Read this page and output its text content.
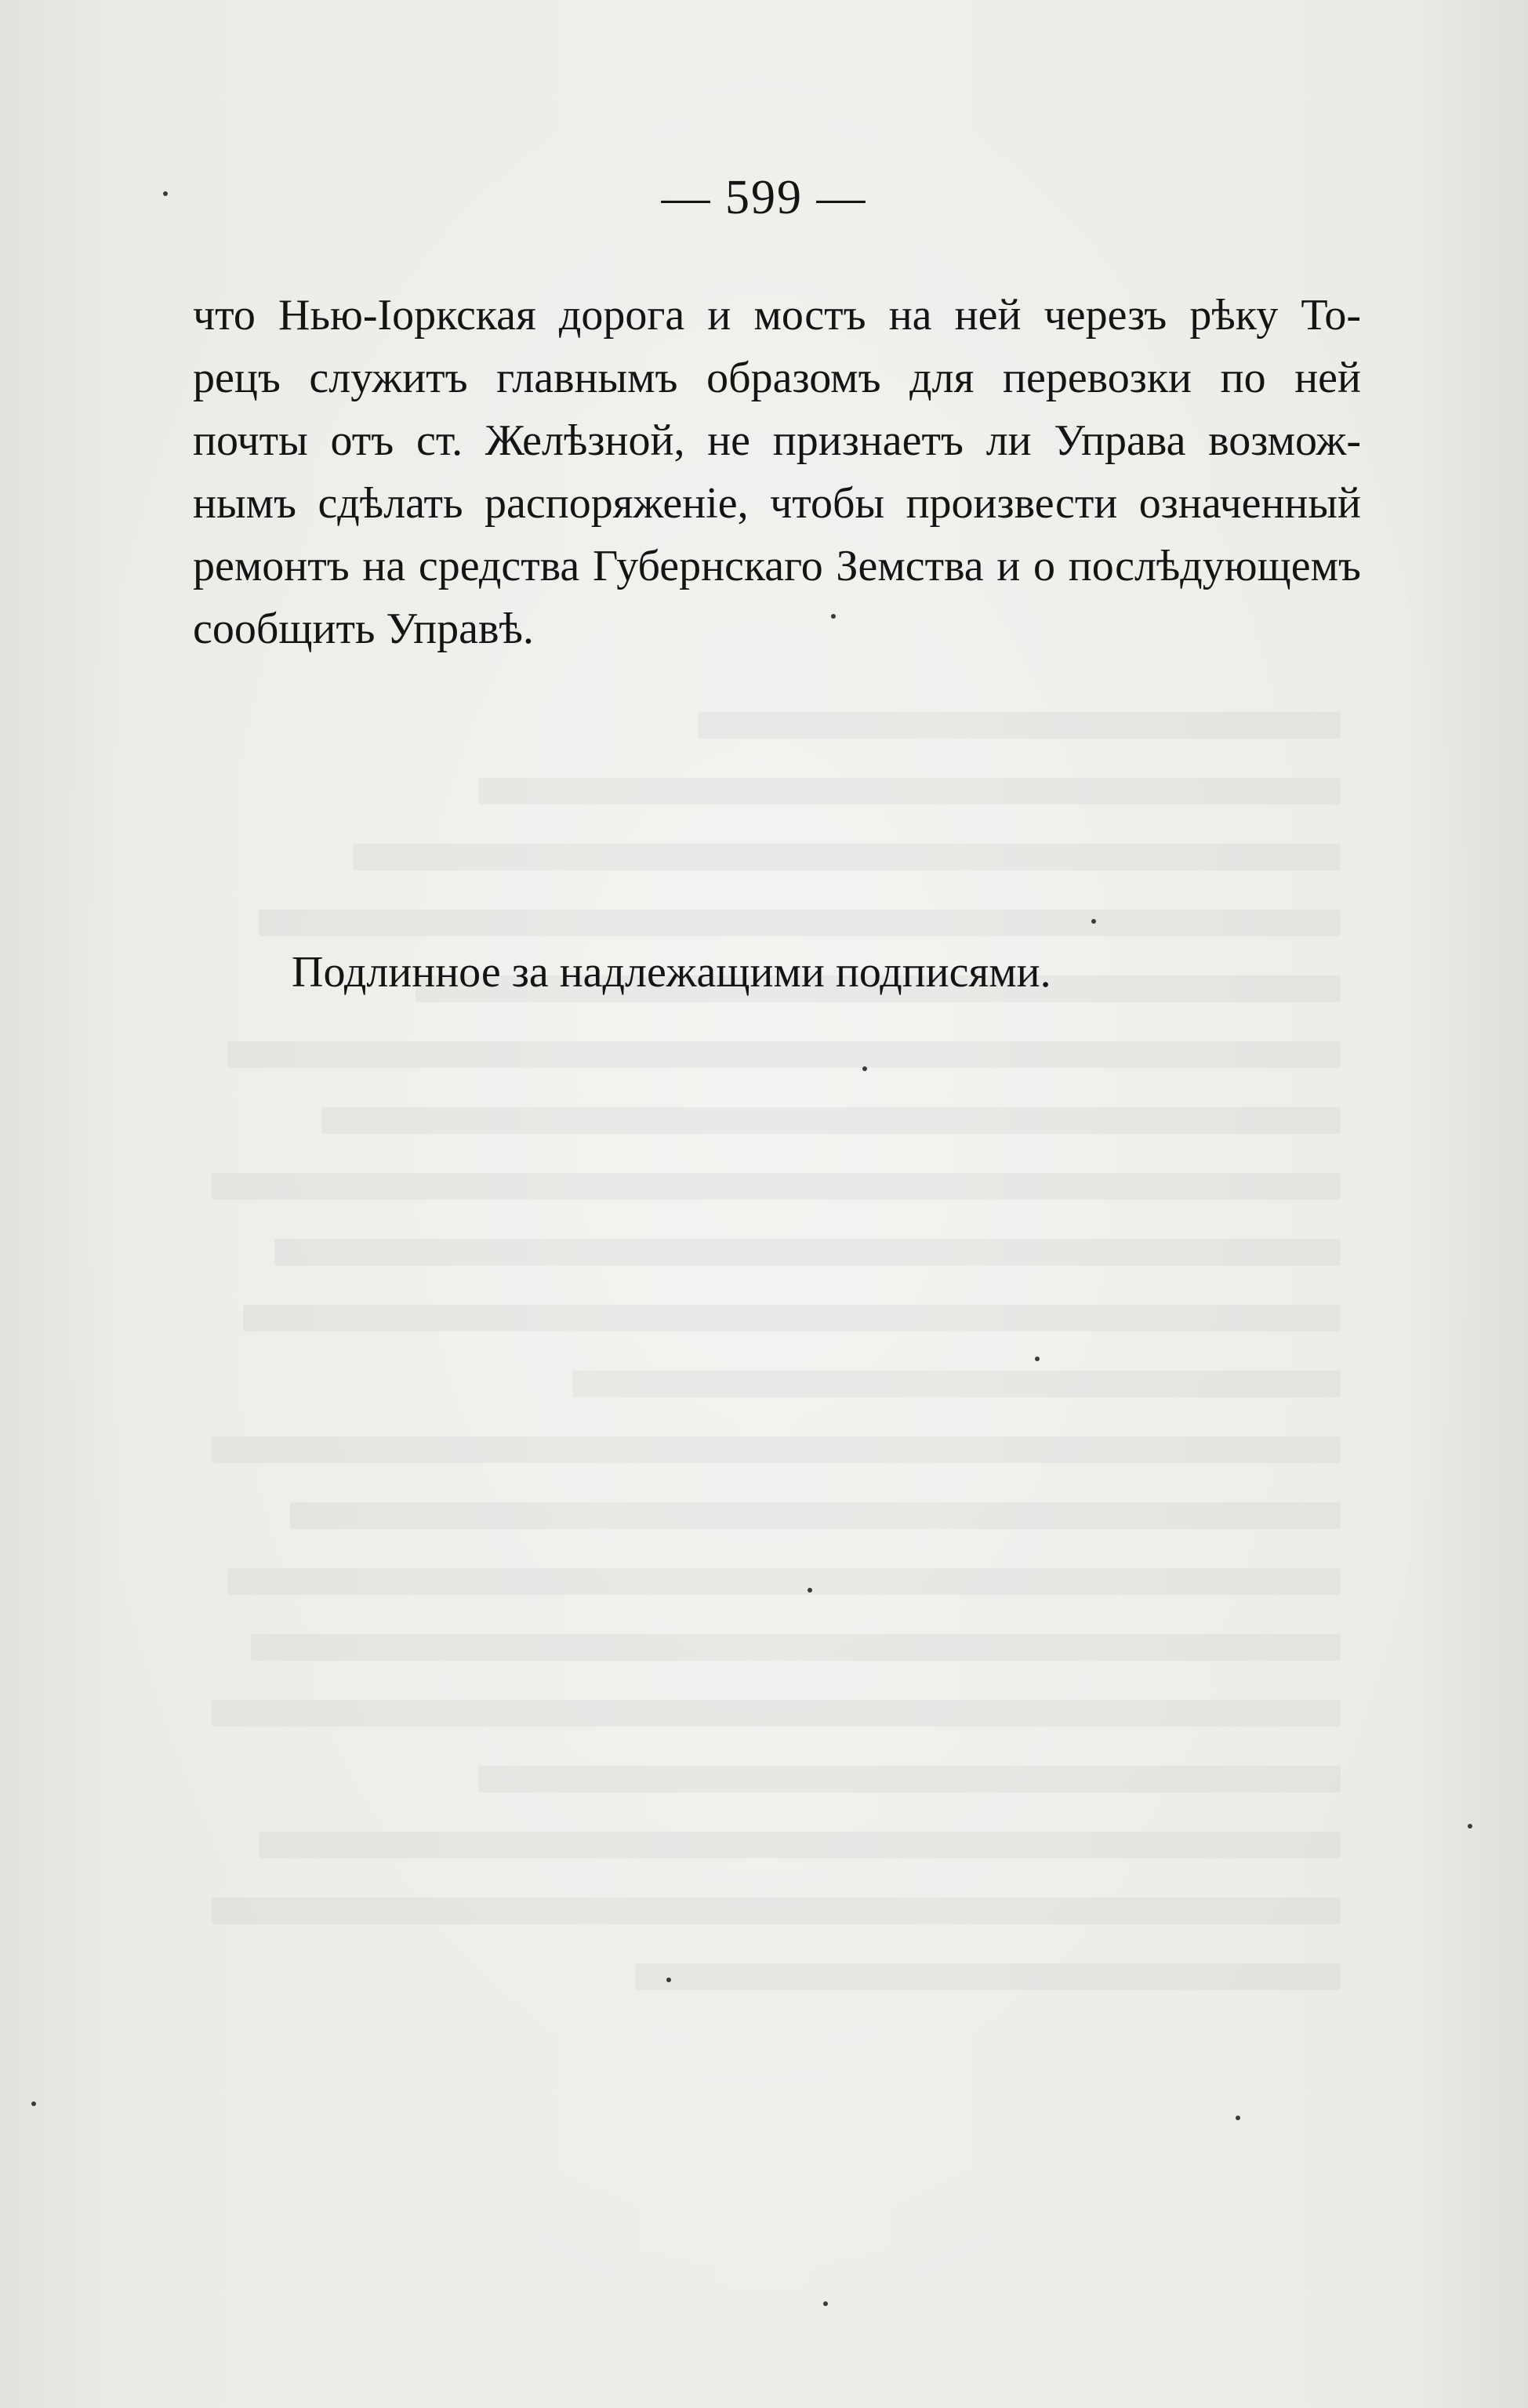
— 599 —
что Нью-Іоркская дорога и мостъ на ней черезъ рѣку То-
рецъ служитъ главнымъ образомъ для перевозки по ней
почты отъ ст. Желѣзной, не признаетъ ли Управа возмож-
нымъ сдѣлать распоряженіе, чтобы произвести означенный
ремонтъ на средства Губернскаго Земства и о послѣдующемъ
сообщить Управѣ.
Подлинное за надлежащими подписями.
